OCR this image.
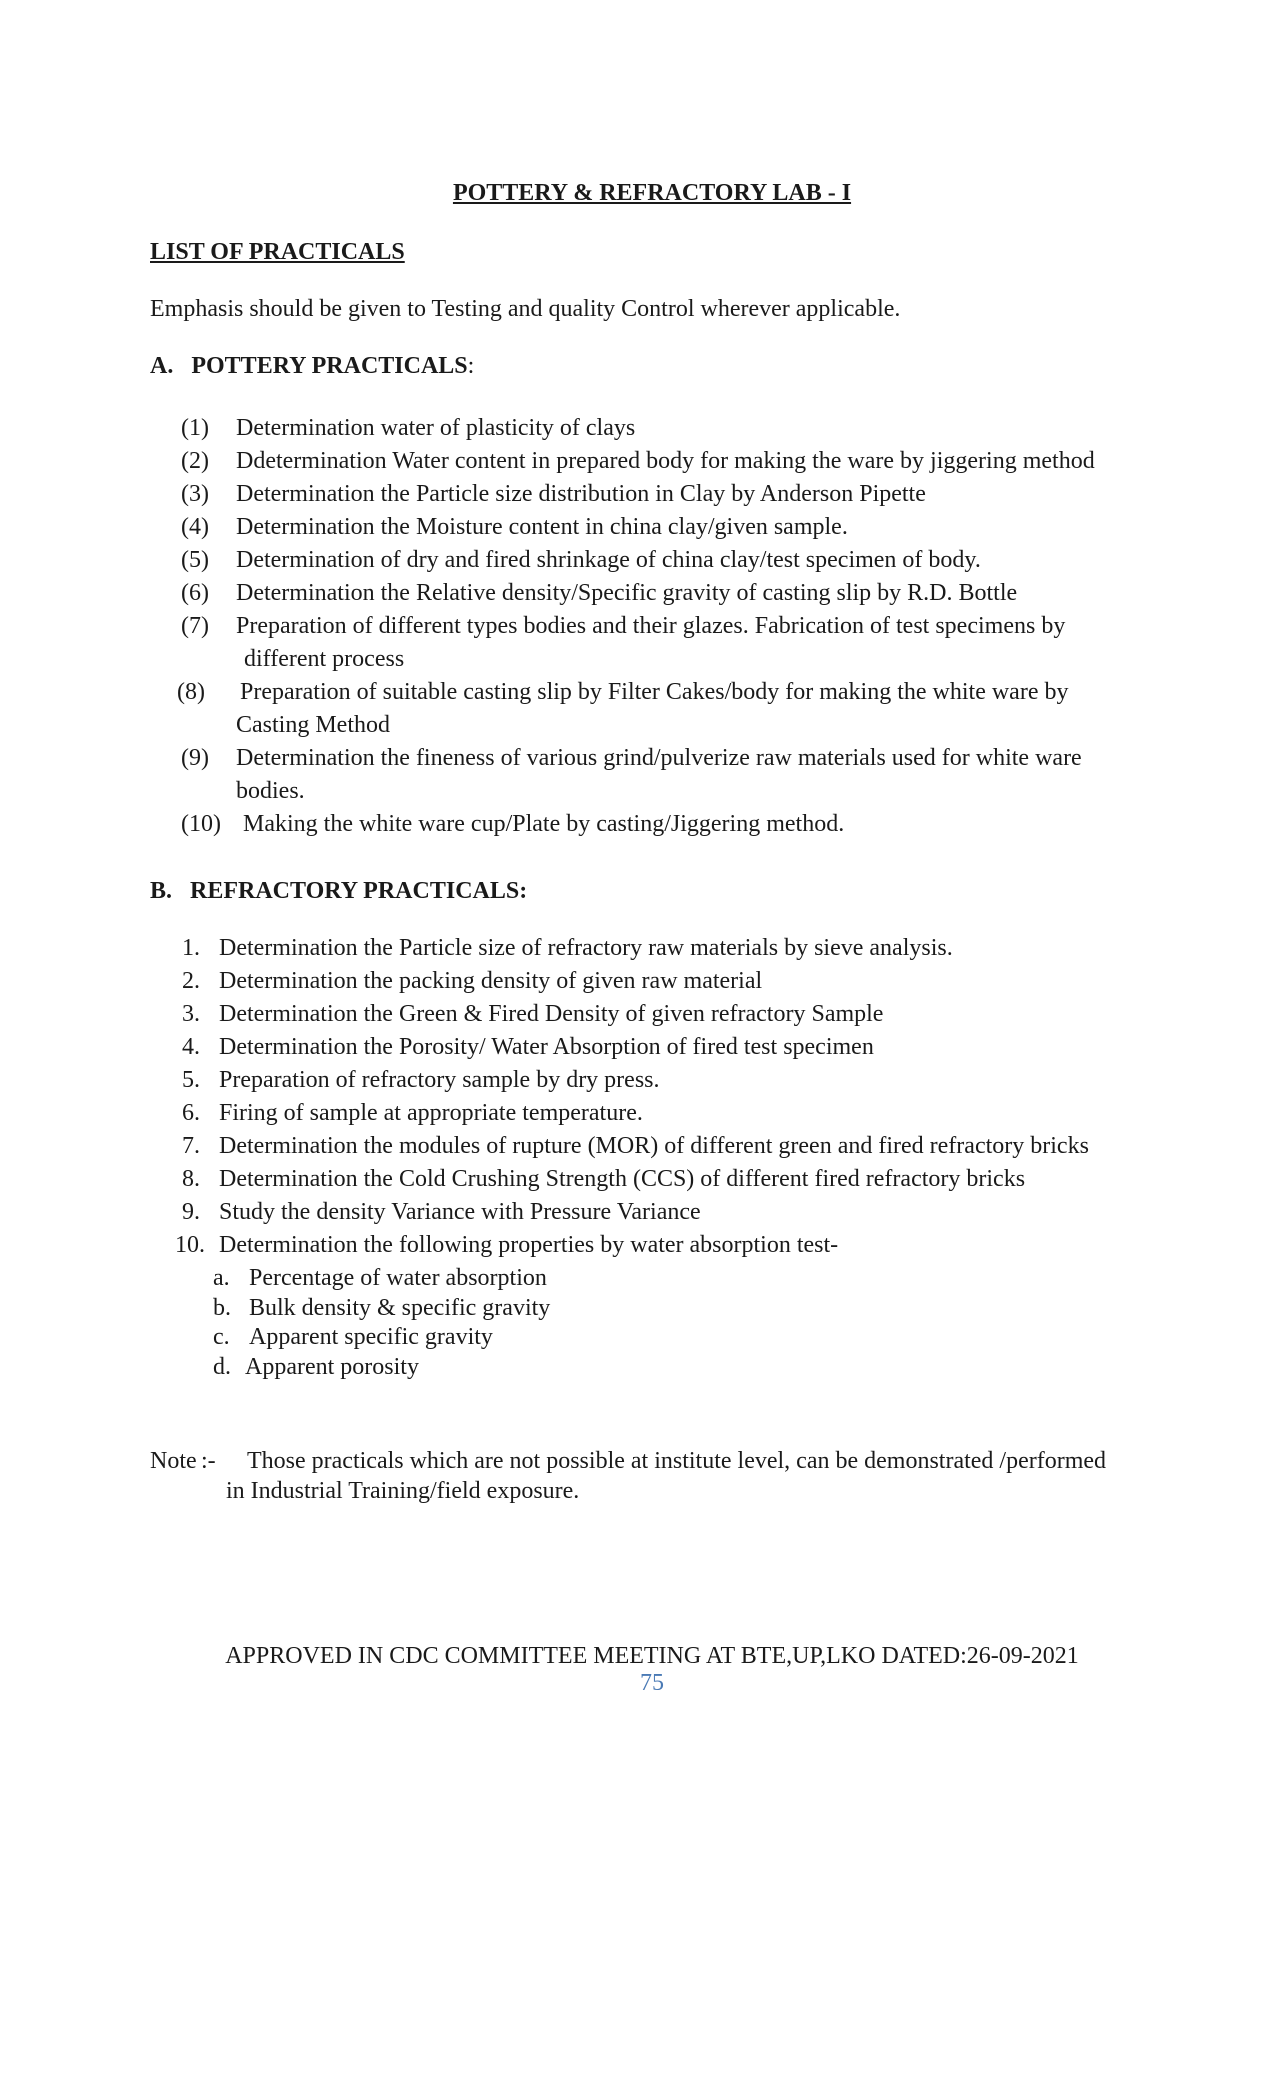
POTTERY & REFRACTORY LAB - I
LIST OF PRACTICALS
Emphasis should be given to Testing and quality Control wherever applicable.
A. POTTERY PRACTICALS:
(1) Determination water of plasticity of clays
(2) Ddetermination Water content in prepared body for making the ware by jiggering method
(3) Determination the Particle size distribution in Clay by Anderson Pipette
(4) Determination the Moisture content in china clay/given sample.
(5) Determination of dry and fired shrinkage of china clay/test specimen of body.
(6) Determination the Relative density/Specific gravity of casting slip by R.D. Bottle
(7) Preparation of different types bodies and their glazes. Fabrication of test specimens by
different process
(8) Preparation of suitable casting slip by Filter Cakes/body for making the white ware by
Casting Method
(9) Determination the fineness of various grind/pulverize raw materials used for white ware
bodies.
(10) Making the white ware cup/Plate by casting/Jiggering method.
B. REFRACTORY PRACTICALS:
1. Determination the Particle size of refractory raw materials by sieve analysis.
2. Determination the packing density of given raw material
3. Determination the Green & Fired Density of given refractory Sample
4. Determination the Porosity/ Water Absorption of fired test specimen
5. Preparation of refractory sample by dry press.
6. Firing of sample at appropriate temperature.
7. Determination the modules of rupture (MOR) of different green and fired refractory bricks
8. Determination the Cold Crushing Strength (CCS) of different fired refractory bricks
9. Study the density Variance with Pressure Variance
10. Determination the following properties by water absorption test-
a. Percentage of water absorption
b. Bulk density & specific gravity
c. Apparent specific gravity
d. Apparent porosity
Note :- Those practicals which are not possible at institute level, can be demonstrated /performed
in Industrial Training/field exposure.
APPROVED IN CDC COMMITTEE MEETING AT BTE,UP,LKO DATED:26-09-2021
75
